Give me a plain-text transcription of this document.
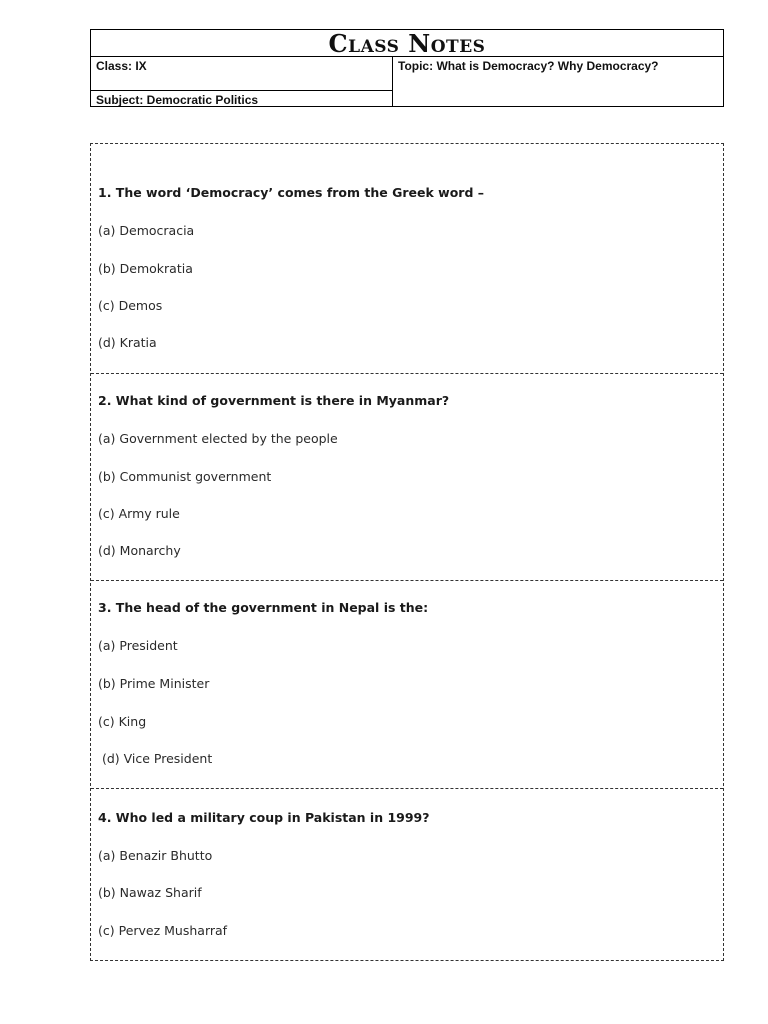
Class Notes
Class: IX
Subject: Democratic Politics
Topic: What is Democracy? Why Democracy?
1. The word ‘Democracy’ comes from the Greek word –
(a) Democracia
(b) Demokratia
(c) Demos
(d) Kratia
2. What kind of government is there in Myanmar?
(a) Government elected by the people
(b) Communist government
(c) Army rule
(d) Monarchy
3. The head of the government in Nepal is the:
(a) President
(b) Prime Minister
(c) King
(d) Vice President
4. Who led a military coup in Pakistan in 1999?
(a) Benazir Bhutto
(b) Nawaz Sharif
(c) Pervez Musharraf
